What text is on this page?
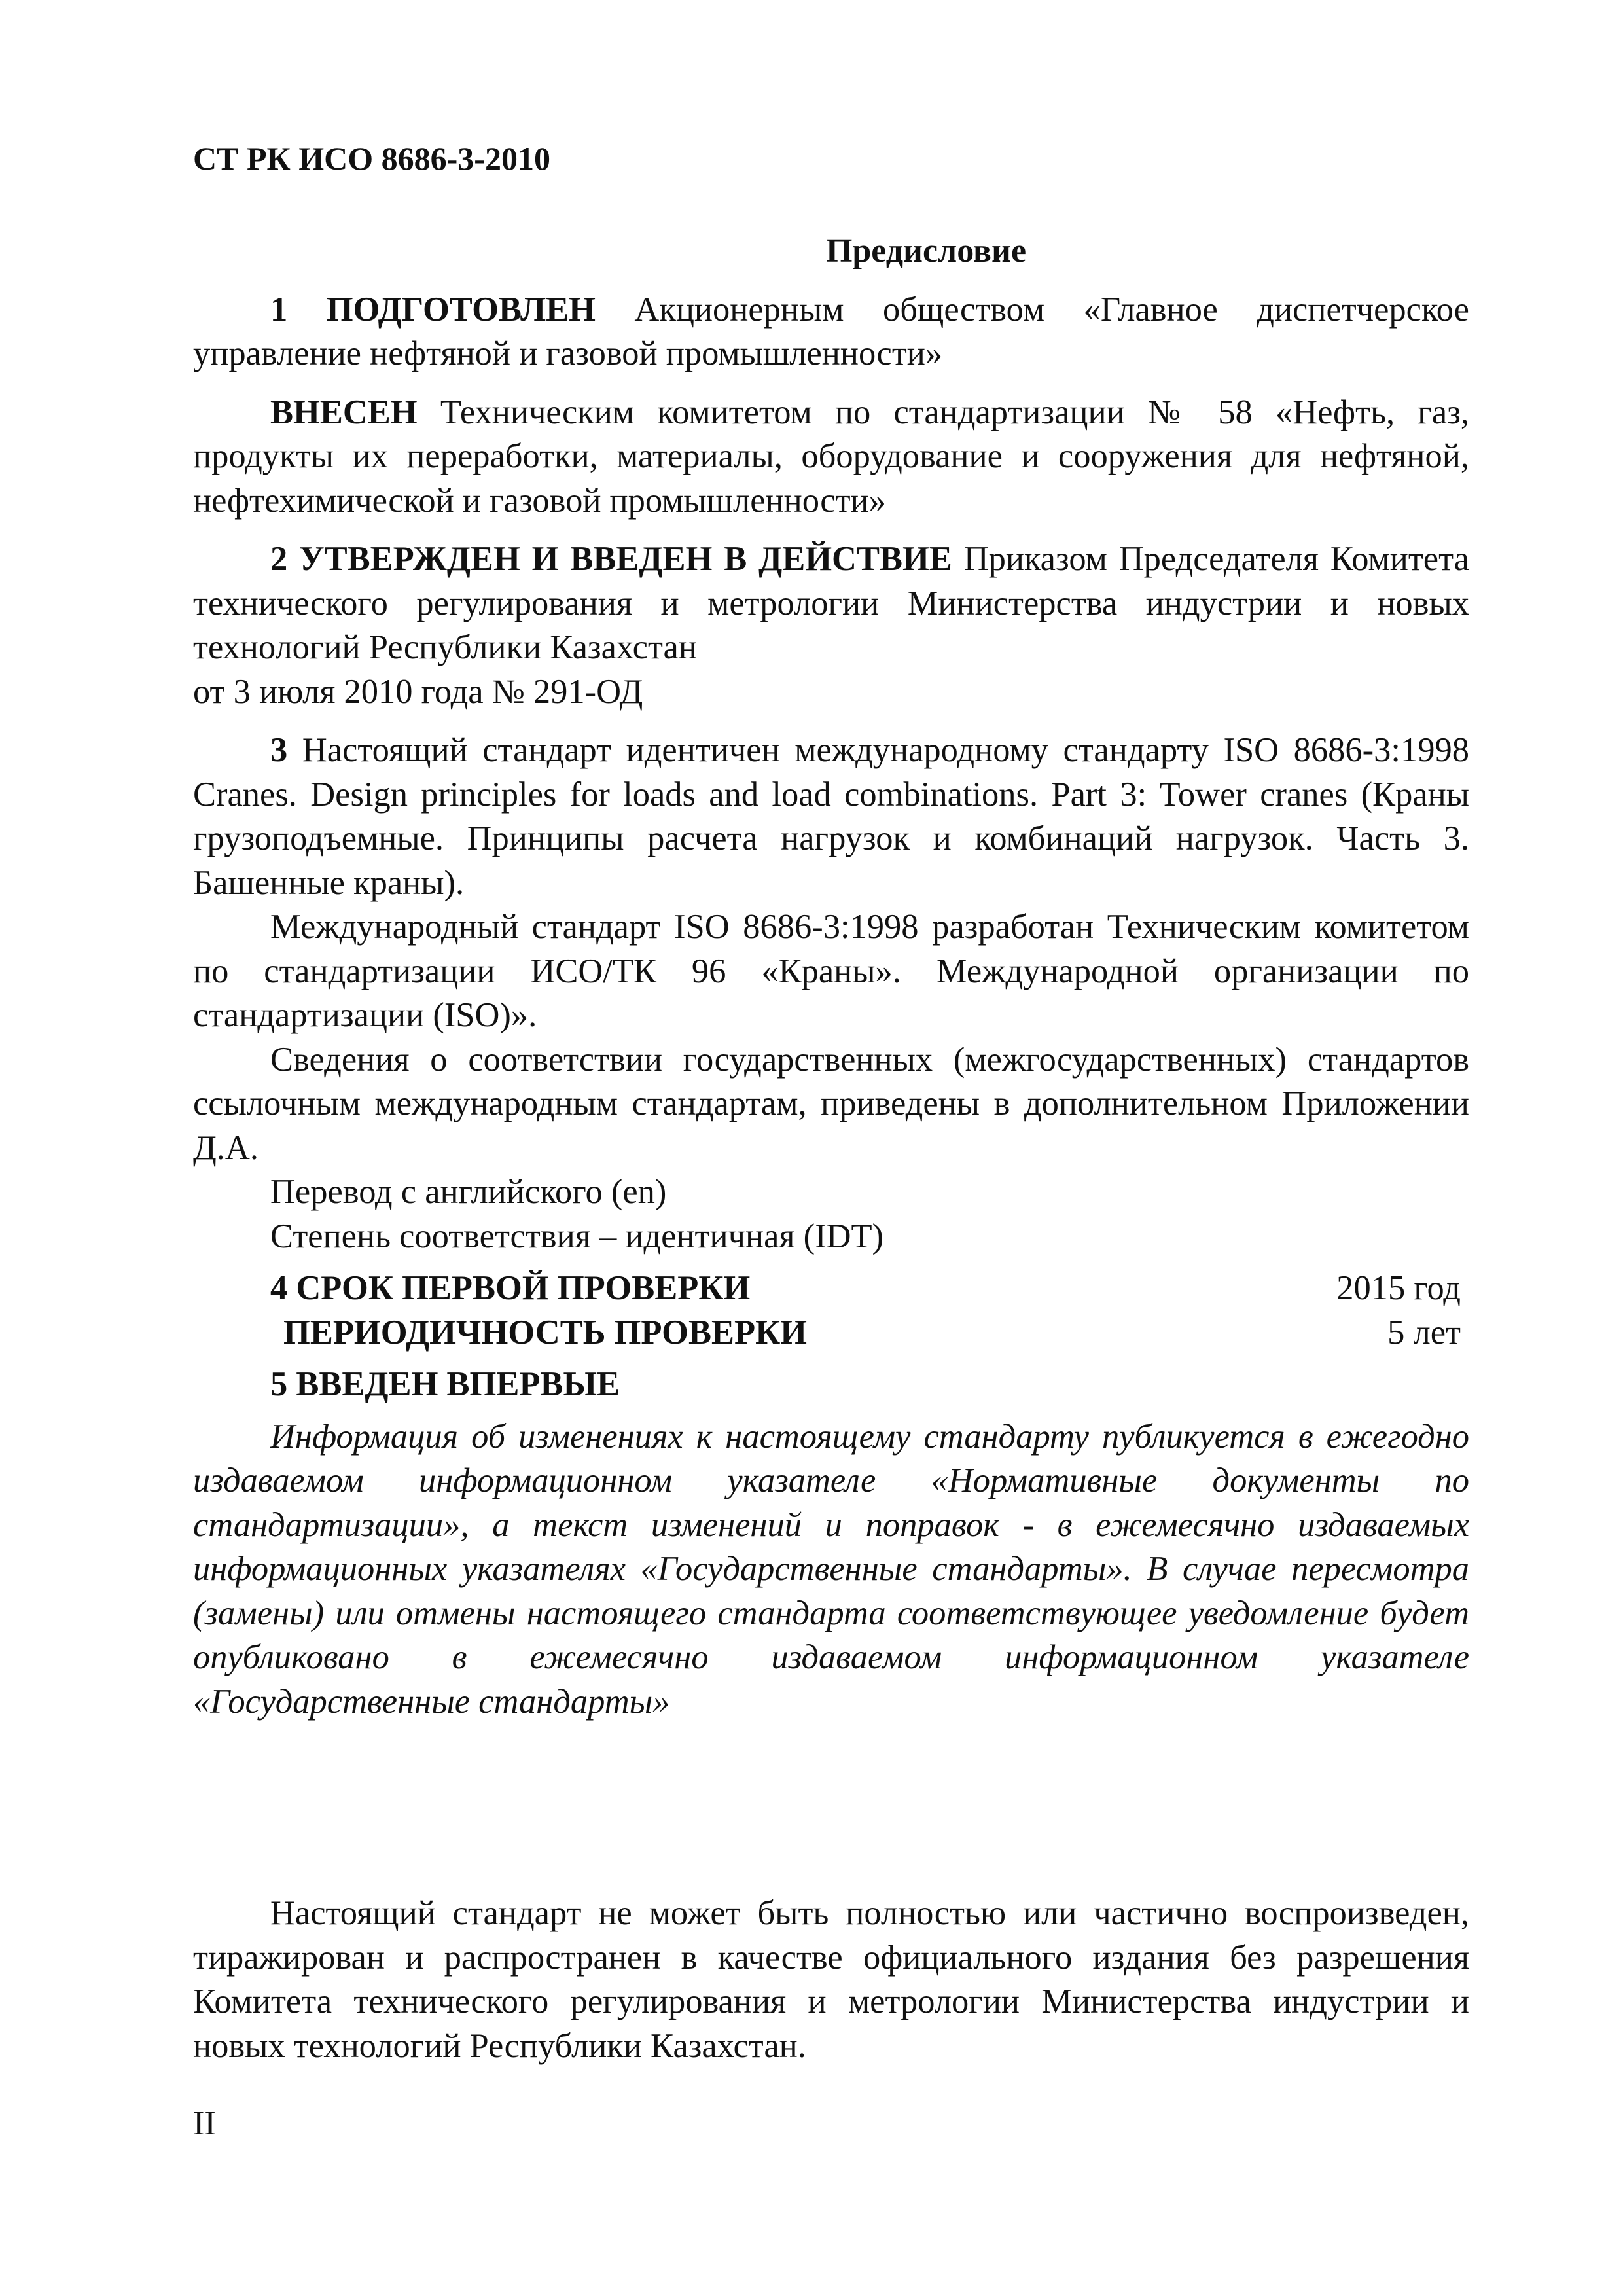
СТ РК ИСО 8686-3-2010
Предисловие

1 ПОДГОТОВЛЕН Акционерным обществом «Главное диспетчерское управление нефтяной и газовой промышленности»

ВНЕСЕН Техническим комитетом по стандартизации № 58 «Нефть, газ, продукты их переработки, материалы, оборудование и сооружения для нефтяной, нефтехимической и газовой промышленности»

2 УТВЕРЖДЕН И ВВЕДЕН В ДЕЙСТВИЕ Приказом Председателя Комитета технического регулирования и метрологии Министерства индустрии и новых технологий Республики Казахстан

от 3 июля 2010 года № 291-ОД

3 Настоящий стандарт идентичен международному стандарту ISO 8686-3:1998 Cranes. Design principles for loads and load combinations. Part 3: Tower cranes (Краны грузоподъемные. Принципы расчета нагрузок и комбинаций нагрузок. Часть 3. Башенные краны).

Международный стандарт ISO 8686-3:1998 разработан Техническим комитетом по стандартизации ИСО/ТК 96 «Краны». Международной организации по стандартизации (ISO)».

Сведения о соответствии государственных (межгосударственных) стандартов ссылочным международным стандартам, приведены в дополнительном Приложении Д.А.

Перевод с английского (en)
Степень соответствия – идентичная (IDT)
4 СРОК ПЕРВОЙ ПРОВЕРКИ	2015 год
ПЕРИОДИЧНОСТЬ ПРОВЕРКИ	5 лет
5 ВВЕДЕН ВПЕРВЫЕ

Информация об изменениях к настоящему стандарту публикуется в ежегодно издаваемом информационном указателе «Нормативные документы по стандартизации», а текст изменений и поправок - в ежемесячно издаваемых информационных указателях «Государственные стандарты». В случае пересмотра (замены) или отмены настоящего стандарта соответствующее уведомление будет опубликовано в ежемесячно издаваемом информационном указателе «Государственные стандарты»

Настоящий стандарт не может быть полностью или частично воспроизведен, тиражирован и распространен в качестве официального издания без разрешения Комитета технического регулирования и метрологии Министерства индустрии и новых технологий Республики Казахстан.

II
